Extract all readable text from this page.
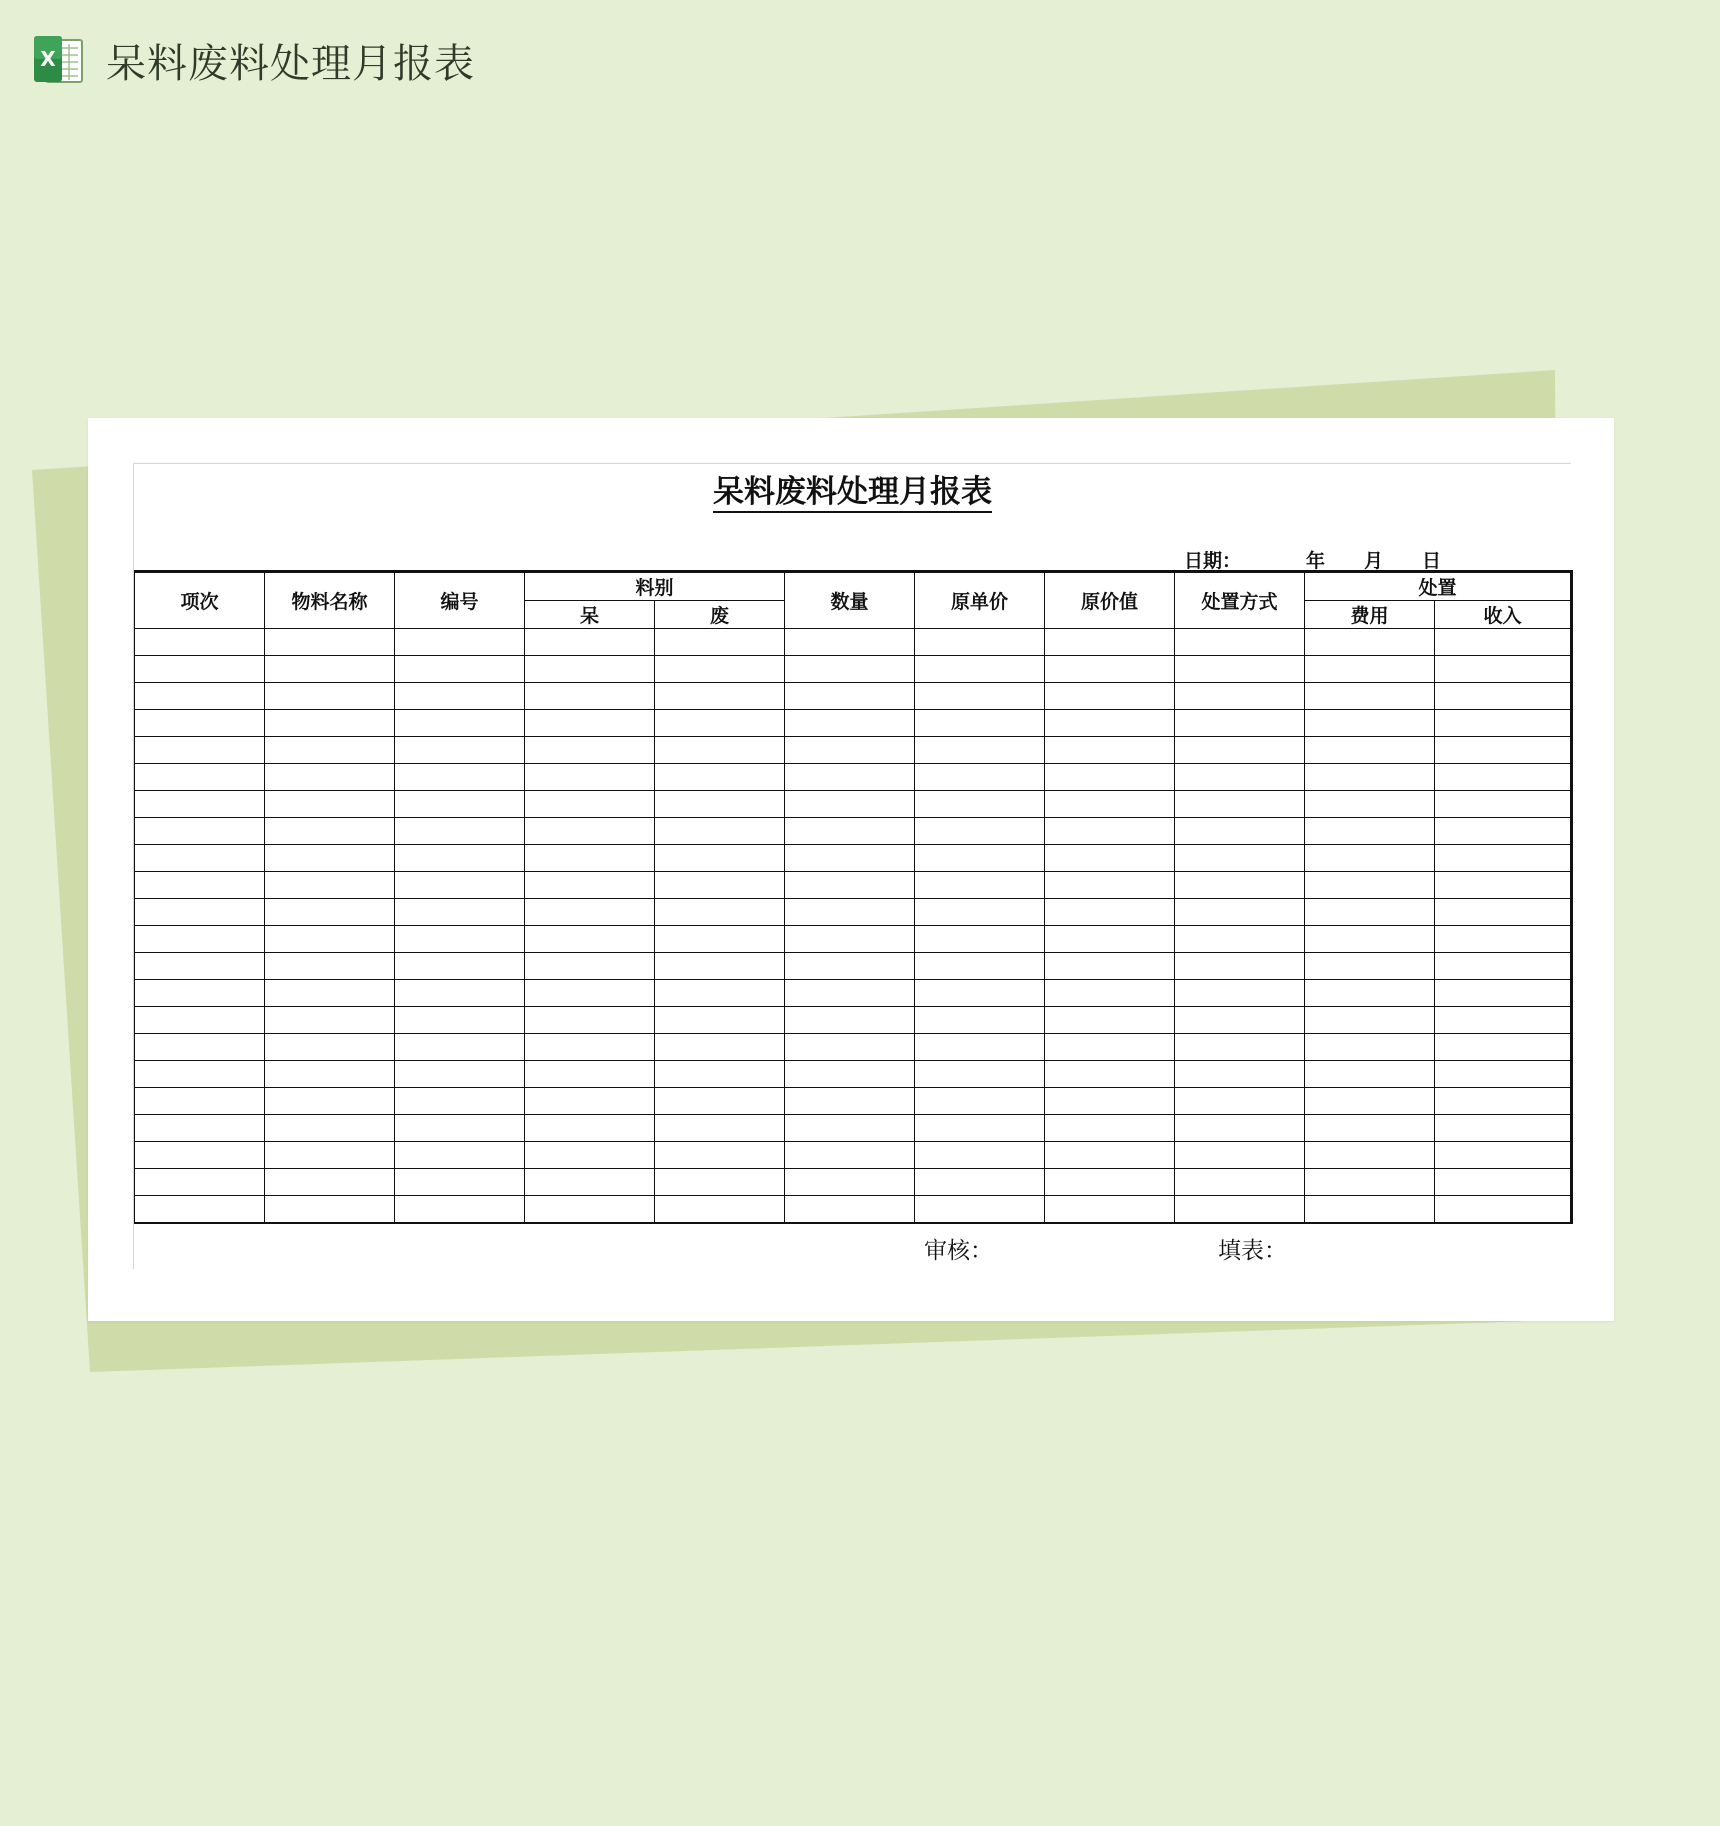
X 呆料废料处理月报表
呆料废料处理月报表
日期：	年 月 日
项次	物料名称	编号	料别		数量	原单价	原价值	处置方式	处置	
			呆	废					费用	收入

审核：	填表：
